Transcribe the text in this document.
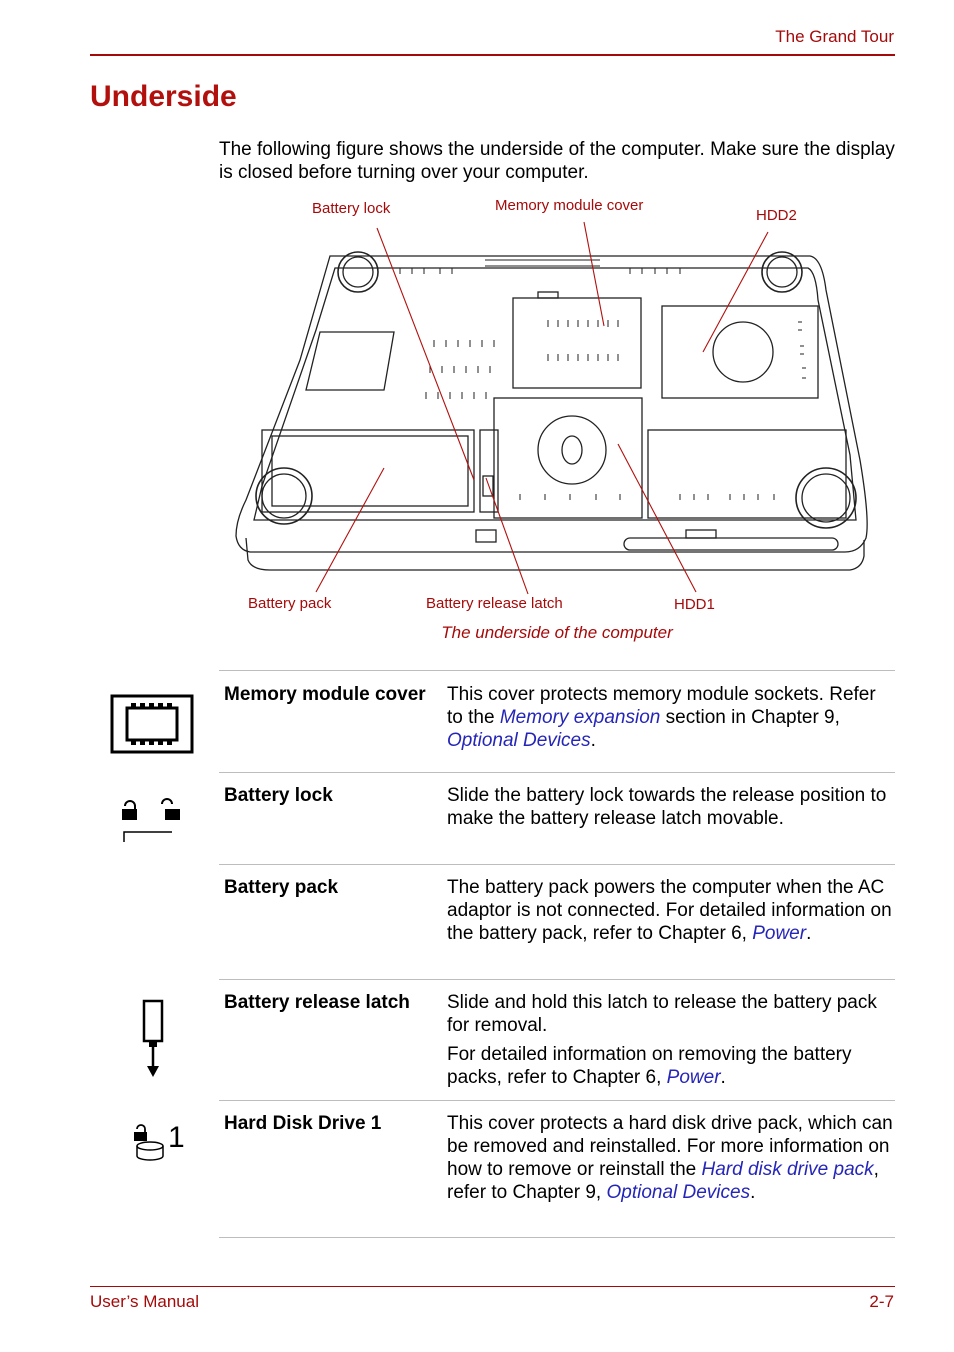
The Grand Tour
Underside
The following figure shows the underside of the computer. Make sure the display is closed before turning over your computer.
Battery lock	Memory module cover
HDD2
Battery pack	Battery release latch	HDD1
The underside of the computer
Memory module cover	This cover protects memory module sockets. Refer to the Memory expansion section in Chapter 9, Optional Devices.
Battery lock	Slide the battery lock towards the release position to make the battery release latch movable.
Battery pack	The battery pack powers the computer when the AC adaptor is not connected. For detailed information on the battery pack, refer to Chapter 6, Power.
Battery release latch	Slide and hold this latch to release the battery pack for removal.

For detailed information on removing the battery packs, refer to Chapter 6, Power.

1 Hard Disk Drive 1	This cover protects a hard disk drive pack, which can be removed and reinstalled. For more information on how to remove or reinstall the Hard disk drive pack, refer to Chapter 9, Optional Devices.
User’s Manual	2-7
